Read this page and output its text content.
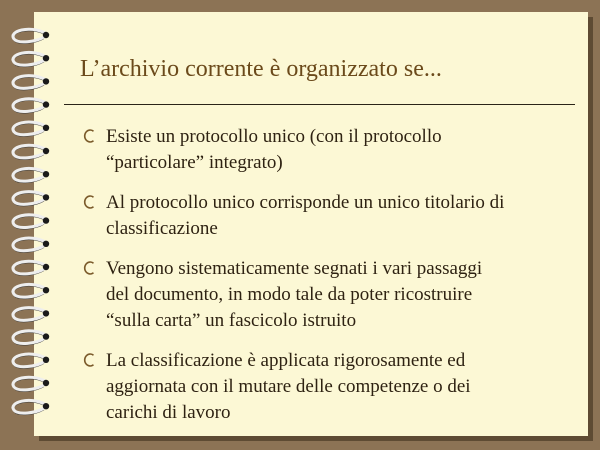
L’archivio corrente è organizzato se...
Esiste un protocollo unico (con il protocollo
“particolare” integrato)
Al protocollo unico corrisponde un unico titolario di
classificazione
Vengono sistematicamente segnati i vari passaggi
del documento, in modo tale da poter ricostruire
“sulla carta” un fascicolo istruito
La classificazione è applicata rigorosamente ed
aggiornata con il mutare delle competenze o dei
carichi di lavoro
